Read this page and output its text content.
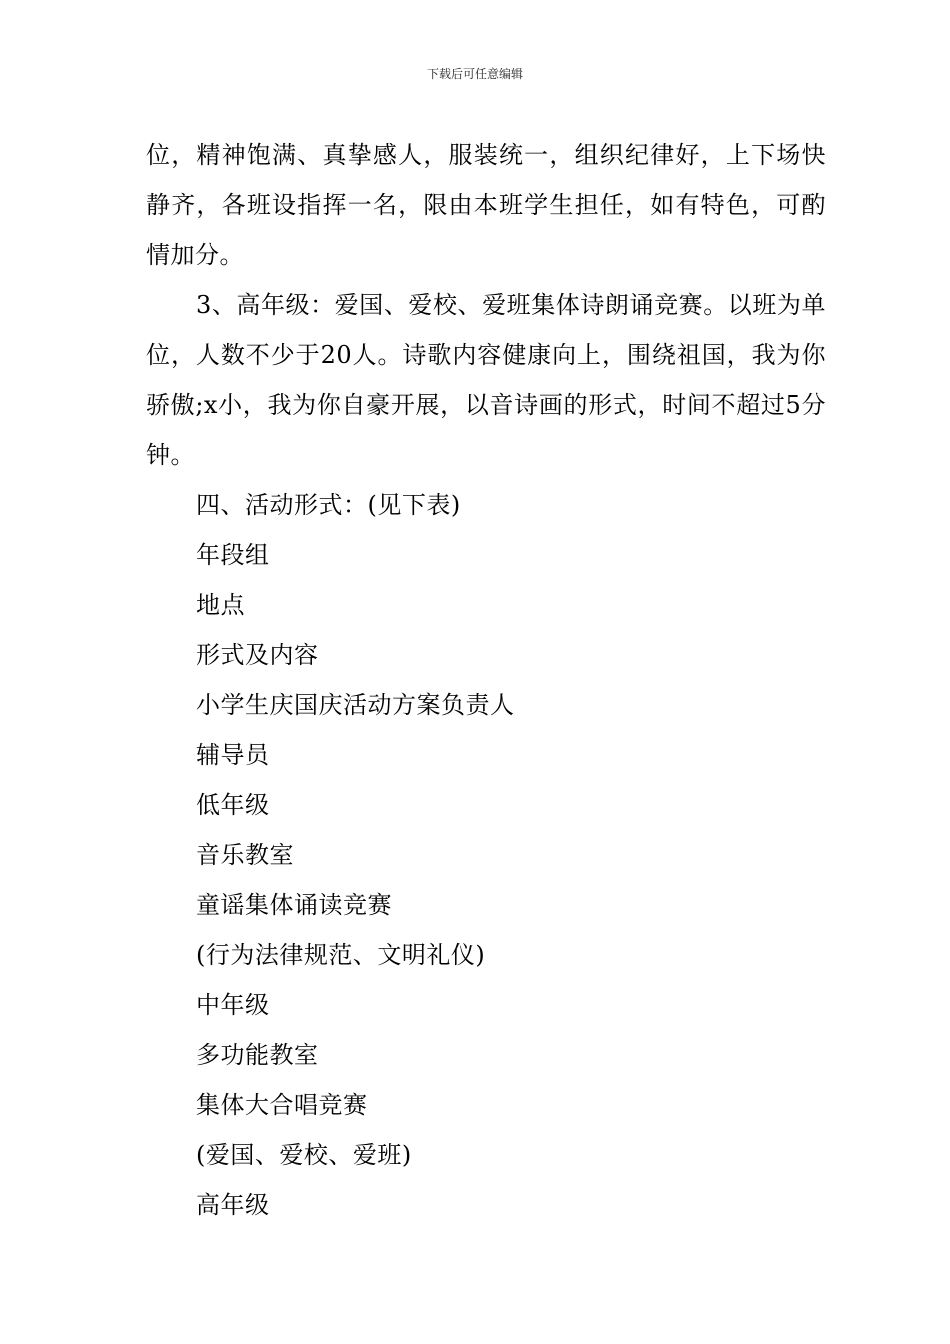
下载后可任意编辑

位，精神饱满、真挚感人，服装统一，组织纪律好，上下场快静齐，各班设指挥一名，限由本班学生担任，如有特色，可酌情加分。

3、高年级：爱国、爱校、爱班集体诗朗诵竞赛。以班为单位，人数不少于20人。诗歌内容健康向上，围绕祖国，我为你骄傲;x小，我为你自豪开展，以音诗画的形式，时间不超过5分钟。

四、活动形式：(见下表)

年段组

地点

形式及内容

小学生庆国庆活动方案负责人

辅导员

低年级

音乐教室

童谣集体诵读竞赛

(行为法律规范、文明礼仪)

中年级

多功能教室

集体大合唱竞赛

(爱国、爱校、爱班)

高年级
